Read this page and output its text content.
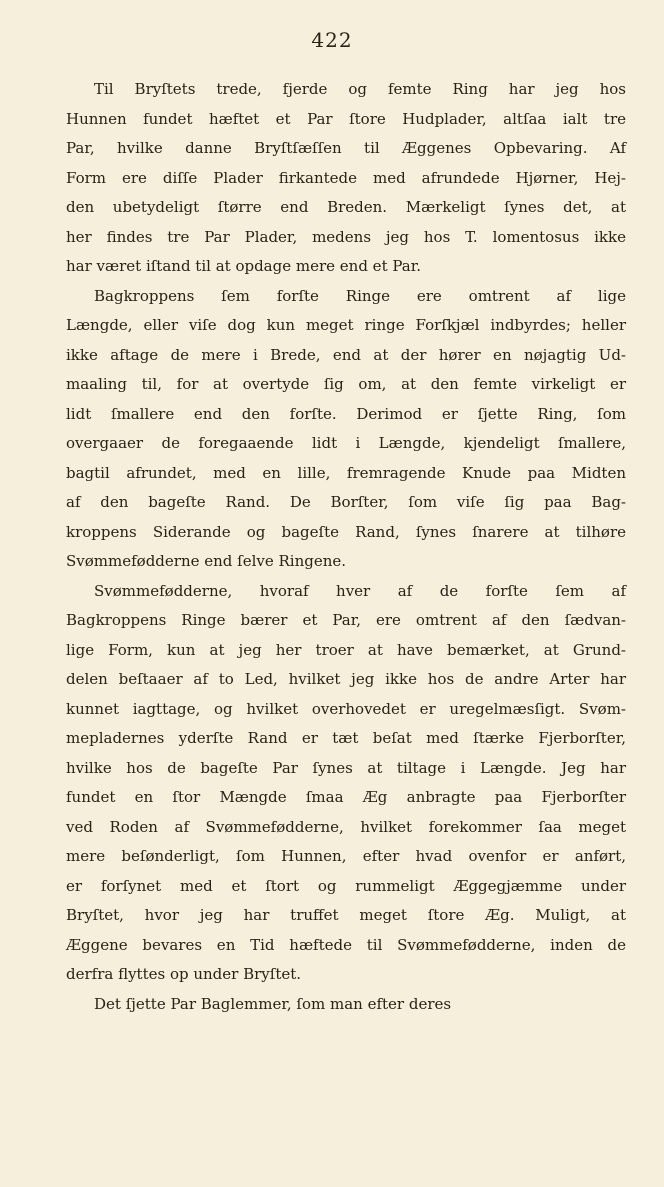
422
Til Bryſtets trede, fjerde og femte Ring har jeg hos
Hunnen fundet hæftet et Par ſtore Hudplader, altſaa ialt tre
Par, hvilke danne Bryſtſæſſen til Æggenes Opbevaring. Af
Form ere diſſe Plader firkantede med afrundede Hjørner, Hej-
den ubetydeligt ſtørre end Breden. Mærkeligt ſynes det, at
her findes tre Par Plader, medens jeg hos T. lomentosus ikke
har været iſtand til at opdage mere end et Par.
Bagkroppens ſem forſte Ringe ere omtrent af lige
Længde, eller viſe dog kun meget ringe Forſkjæl indbyrdes; heller
ikke aftage de mere i Brede, end at der hører en nøjagtig Ud-
maaling til, for at overtyde ſig om, at den femte virkeligt er
lidt ſmallere end den forſte. Derimod er ſjette Ring, ſom
overgaaer de foregaaende lidt i Længde, kjendeligt ſmallere,
bagtil afrundet, med en lille, fremragende Knude paa Midten
af den bageſte Rand. De Borſter, ſom viſe ſig paa Bag-
kroppens Siderande og bageſte Rand, ſynes ſnarere at tilhøre
Svømmefødderne end ſelve Ringene.
Svømmefødderne, hvoraf hver af de forſte ſem af
Bagkroppens Ringe bærer et Par, ere omtrent af den ſædvan-
lige Form, kun at jeg her troer at have bemærket, at Grund-
delen beſtaaer af to Led, hvilket jeg ikke hos de andre Arter har
kunnet iagttage, og hvilket overhovedet er uregelmæsſigt. Svøm-
mepladernes yderſte Rand er tæt beſat med ſtærke Fjerborſter,
hvilke hos de bageſte Par ſynes at tiltage i Længde. Jeg har
fundet en ſtor Mængde ſmaa Æg anbragte paa Fjerborſter
ved Roden af Svømmefødderne, hvilket forekommer ſaa meget
mere beſønderligt, ſom Hunnen, efter hvad ovenfor er anført,
er forſynet med et ſtort og rummeligt Æggegjæmme under
Bryſtet, hvor jeg har truffet meget ſtore Æg. Muligt, at
Æggene bevares en Tid hæftede til Svømmefødderne, inden de
derfra flyttes op under Bryſtet.
Det ſjette Par Baglemmer, ſom man efter deres
